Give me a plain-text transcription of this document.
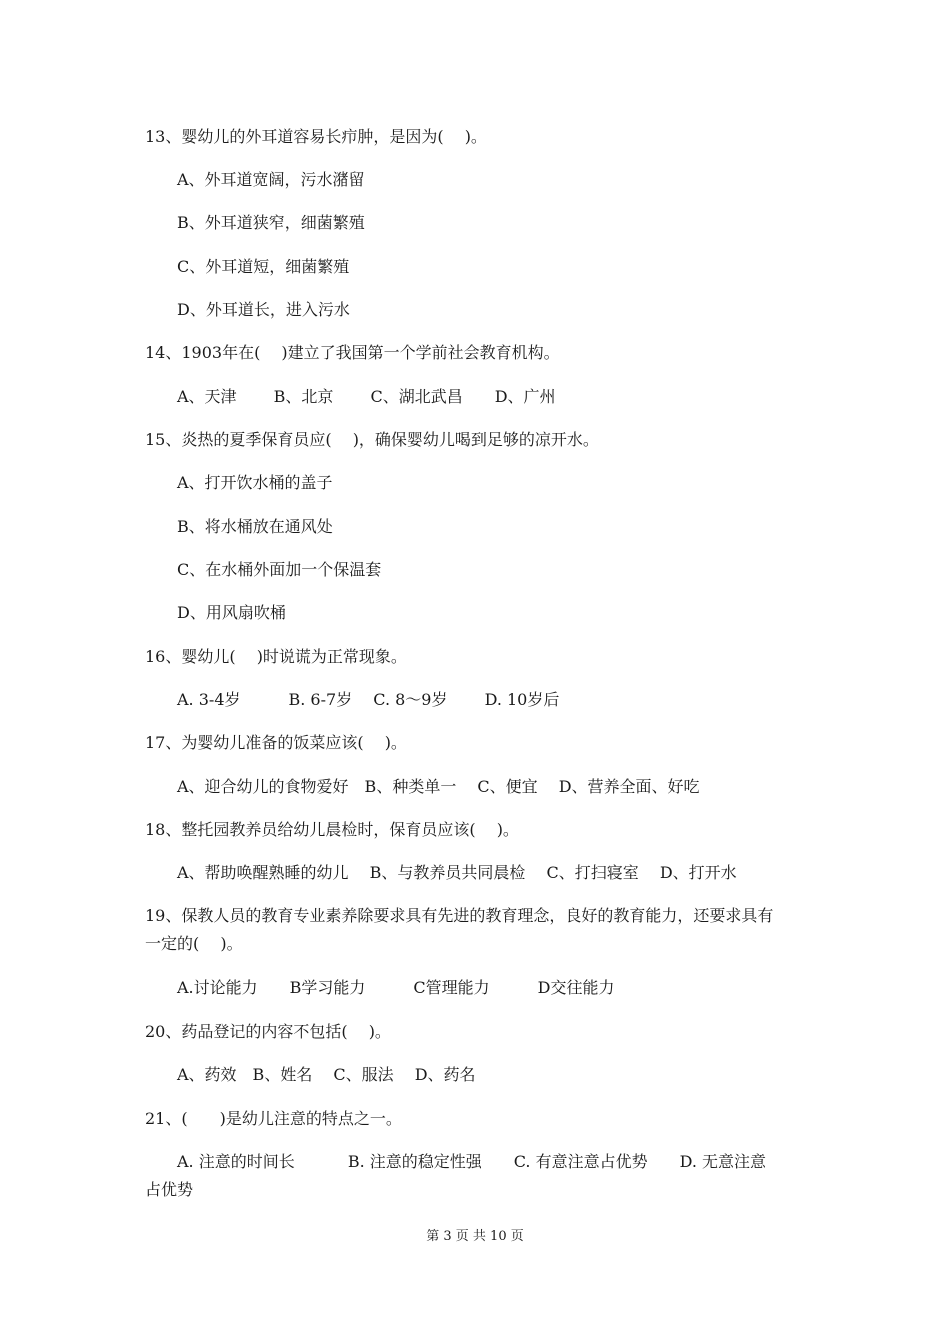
13、婴幼儿的外耳道容易长疖肿，是因为(　 )。
A、外耳道宽阔，污水潴留
B、外耳道狭窄，细菌繁殖
C、外耳道短，细菌繁殖
D、外耳道长，进入污水
14、1903年在(　 )建立了我国第一个学前社会教育机构。
A、天津　　 B、北京　　 C、湖北武昌　　D、广州
15、炎热的夏季保育员应(　 )，确保婴幼儿喝到足够的凉开水。
A、打开饮水桶的盖子
B、将水桶放在通风处
C、在水桶外面加一个保温套
D、用风扇吹桶
16、婴幼儿(　 )时说谎为正常现象。
A. 3-4岁　　　B. 6-7岁　 C. 8～9岁　　 D. 10岁后
17、为婴幼儿准备的饭菜应该(　 )。
A、迎合幼儿的食物爱好　B、种类单一　 C、便宜　 D、营养全面、好吃
18、整托园教养员给幼儿晨检时，保育员应该(　 )。
A、帮助唤醒熟睡的幼儿　 B、与教养员共同晨检　 C、打扫寝室　 D、打开水
19、保教人员的教育专业素养除要求具有先进的教育理念，良好的教育能力，还要求具有
一定的(　 )。
A.讨论能力　　B学习能力　　　C管理能力　　　D交往能力
20、药品登记的内容不包括(　 )。
A、药效　B、姓名　 C、服法　 D、药名
21、(　　)是幼儿注意的特点之一。
A. 注意的时间长　　　 B. 注意的稳定性强　　C. 有意注意占优势　　D. 无意注意
占优势
第 3 页 共 10 页
